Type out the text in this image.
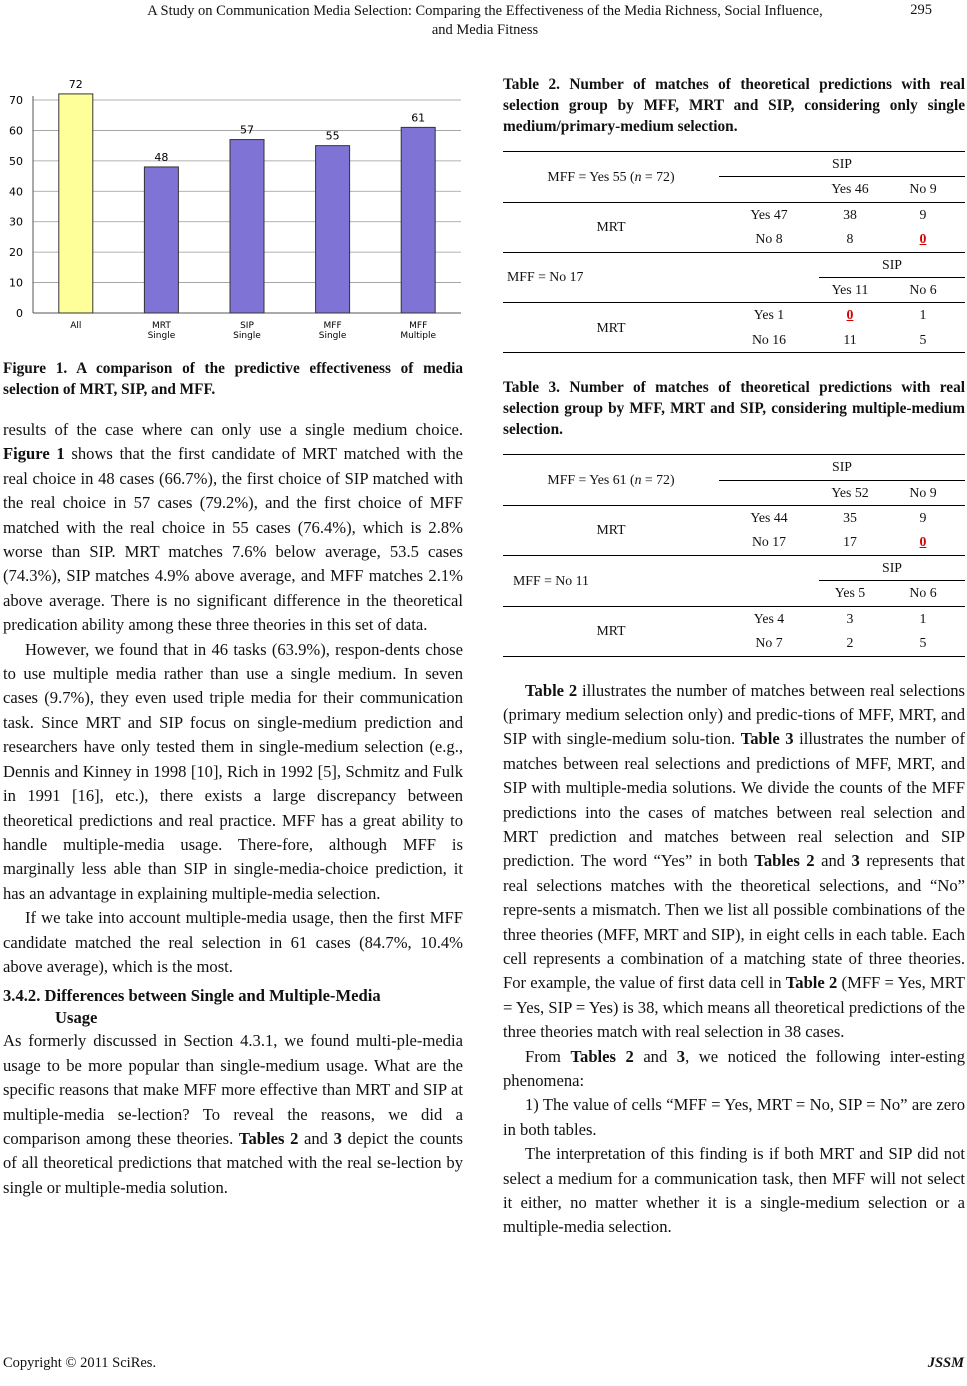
A Study on Communication Media Selection: Comparing the Effectiveness of the Media Richness, Social Influence,
and Media Fitness
295
0
10
20
30
40
50
60
70
72
All
48
MRT
Single
57
SIP
Single
55
MFF
Single
61
MFF
Multiple

Figure 1. A comparison of the predictive effectiveness of media selection of MRT, SIP, and MFF.

results of the case where can only use a single medium choice. Figure 1 shows that the first candidate of MRT matched with the real choice in 48 cases (66.7%), the first choice of SIP matched with the real choice in 57 cases (79.2%), and the first choice of MFF matched with the real choice in 55 cases (76.4%), which is 2.8% worse than SIP. MRT matches 7.6% below average, 53.5 cases (74.3%), SIP matches 4.9% above average, and MFF matches 2.1% above average. There is no significant difference in the theoretical predication ability among these three theories in this set of data.

However, we found that in 46 tasks (63.9%), respon-dents chose to use multiple media rather than use a single medium. In seven cases (9.7%), they even used triple media for their communication task. Since MRT and SIP focus on single-medium prediction and researchers have only tested them in single-medium selection (e.g., Dennis and Kinney in 1998 [10], Rich in 1992 [5], Schmitz and Fulk in 1991 [16], etc.), there exists a large discrepancy between theoretical predictions and real practice. MFF has a great ability to handle multiple-media usage. There-fore, although MFF is marginally less able than SIP in single-media-choice prediction, it has an advantage in explaining multiple-media selection.

If we take into account multiple-media usage, then the first MFF candidate matched the real selection in 61 cases (84.7%, 10.4% above average), which is the most.

3.4.2. Differences between Single and Multiple-Media

Usage

As formerly discussed in Section 4.3.1, we found multi-ple-media usage to be more popular than single-medium usage. What are the specific reasons that make MFF more effective than MRT and SIP at multiple-media se-lection? To reveal the reasons, we did a comparison among these theories. Tables 2 and 3 depict the counts of all theoretical predictions that matched with the real se-lection by single or multiple-media solution.

Table 2. Number of matches of theoretical predictions with real selection group by MFF, MRT and SIP, considering only single medium/primary-medium selection.

MFF = Yes 55 (n = 72)	SIP		
		Yes 46	No 9
MRT	Yes 47	38	9
	No 8	8	0
MFF = No 17		SIP	
		Yes 11	No 6
MRT	Yes 1	0	1
	No 16	11	5

Table 3. Number of matches of theoretical predictions with real selection group by MFF, MRT and SIP, considering multiple-medium selection.

MFF = Yes 61 (n = 72)	SIP		
		Yes 52	No 9
MRT	Yes 44	35	9
	No 17	17	0
MFF = No 11		SIP	
		Yes 5	No 6
MRT	Yes 4	3	1
	No 7	2	5

Table 2 illustrates the number of matches between real selections (primary medium selection only) and predic-tions of MFF, MRT, and SIP with single-medium solu-tion. Table 3 illustrates the number of matches between real selections and predictions of MFF, MRT, and SIP with multiple-media solutions. We divide the counts of the MFF predictions into the cases of matches between real selection and MRT prediction and matches between real selection and SIP prediction. The word “Yes” in both Tables 2 and 3 represents that real selections matches with the theoretical selections, and “No” repre-sents a mismatch. Then we list all possible combinations of the three theories (MFF, MRT and SIP), in eight cells in each table. Each cell represents a combination of a matching state of three theories. For example, the value of first data cell in Table 2 (MFF = Yes, MRT = Yes, SIP = Yes) is 38, which means all theoretical predictions of the three theories match with real selection in 38 cases.

From Tables 2 and 3, we noticed the following inter-esting phenomena:

1) The value of cells “MFF = Yes, MRT = No, SIP = No” are zero in both tables.

The interpretation of this finding is if both MRT and SIP did not select a medium for a communication task, then MFF will not select it either, no matter whether it is a single-medium selection or a multiple-media selection.

Copyright © 2011 SciRes.	JSSM
